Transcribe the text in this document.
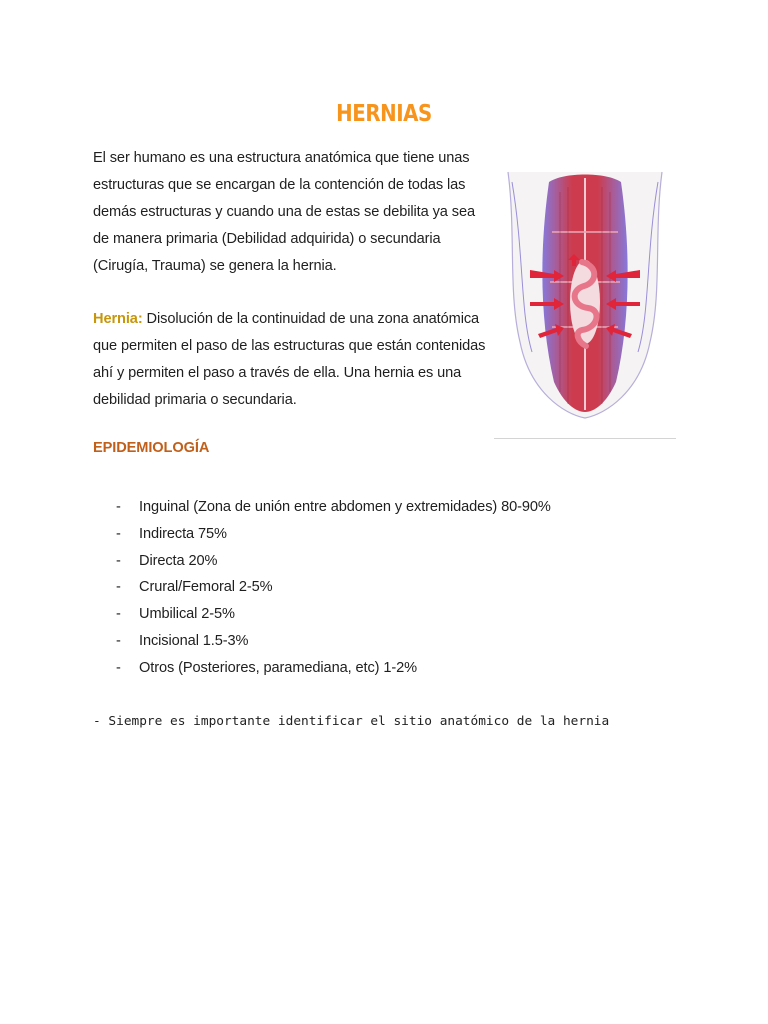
HERNIAS

El ser humano es una estructura anatómica que tiene unas estructuras que se encargan de la contención de todas las demás estructuras y cuando una de estas se debilita ya sea de manera primaria (Debilidad adquirida) o secundaria (Cirugía, Trauma) se genera la hernia.

Hernia: Disolución de la continuidad de una zona anatómica que permiten el paso de las estructuras que están contenidas ahí y permiten el paso a través de ella. Una hernia es una debilidad primaria o secundaria.

EPIDEMIOLOGÍA
- Inguinal (Zona de unión entre abdomen y extremidades) 80-90%
- Indirecta 75%
- Directa 20%
- Crural/Femoral 2-5%
- Umbilical 2-5%
- Incisional 1.5-3%
- Otros (Posteriores, paramediana, etc) 1-2%

- Siempre es importante identificar el sitio anatómico de la hernia
